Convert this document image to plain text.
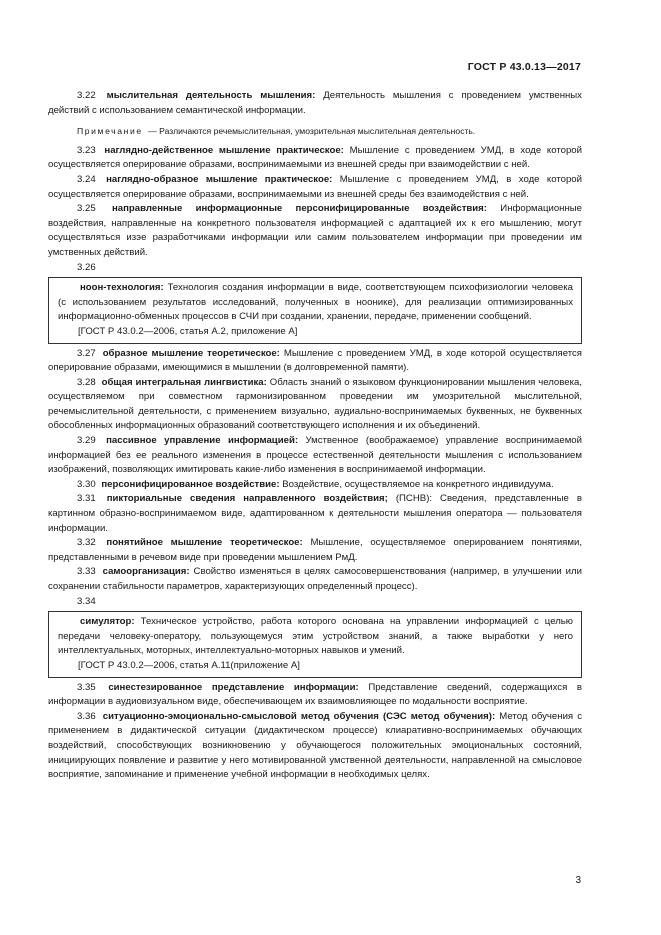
ГОСТ Р 43.0.13—2017

3.22 мыслительная деятельность мышления: Деятельность мышления с проведением умственных действий с использованием семантической информации.

Примечание — Различаются речемыслительная, умозрительная мыслительная деятельность.

3.23 наглядно-действенное мышление практическое: Мышление с проведением УМД, в ходе которой осуществляется оперирование образами, воспринимаемыми из внешней среды при взаимодействии с ней.

3.24 наглядно-образное мышление практическое: Мышление с проведением УМД, в ходе которой осуществляется оперирование образами, воспринимаемыми из внешней среды без взаимодействия с ней.

3.25 направленные информационные персонифицированные воздействия: Информационные воздействия, направленные на конкретного пользователя информацией с адаптацией их к его мышлению, могут осуществляться изэе разработчиками информации или самим пользователем информации при проведении им умственных действий.

3.26

ноон-технология: Технология создания информации в виде, соответствующем психофизиологии человека (с использованием результатов исследований, полученных в ноонике), для реализации оптимизированных информационно-обменных процессов в СЧИ при создании, хранении, передаче, применении сообщений.

[ГОСТ Р 43.0.2—2006, статья А.2, приложение А]

3.27 образное мышление теоретическое: Мышление с проведением УМД, в ходе которой осуществляется оперирование образами, имеющимися в мышлении (в долговременной памяти).

3.28 общая интегральная лингвистика: Область знаний о языковом функционировании мышления человека, осуществляемом при совместном гармонизированном проведении им умозрительной мыслительной, речемыслительной деятельности, с применением визуально, аудиально-воспринимаемых буквенных, не буквенных обособленных информационных образований соответствующего исполнения и их объединений.

3.29 пассивное управление информацией: Умственное (воображаемое) управление воспринимаемой информацией без ее реального изменения в процессе естественной деятельности мышления с использованием изображений, позволяющих имитировать какие-либо изменения в воспринимаемой информации.

3.30 персонифицированное воздействие: Воздействие, осуществляемое на конкретного индивидуума.

3.31 пикториальные сведения направленного воздействия; (ПСНВ): Сведения, представленные в картинном образно-воспринимаемом виде, адаптированном к деятельности мышления оператора — пользователя информации.

3.32 понятийное мышление теоретическое: Мышление, осуществляемое оперированием понятиями, представленными в речевом виде при проведении мышлением РмД.

3.33 самоорганизация: Свойство изменяться в целях самосовершенствования (например, в улучшении или сохранении стабильности параметров, характеризующих определенный процесс).

3.34

симулятор: Техническое устройство, работа которого основана на управлении информацией с целью передачи человеку-оператору, пользующемуся этим устройством знаний, а также выработки у него интеллектуальных, моторных, интеллектуально-моторных навыков и умений.

[ГОСТ Р 43.0.2—2006, статья А.11(приложение А]

3.35 синестезированное представление информации: Представление сведений, содержащихся в информации в аудиовизуальном виде, обеспечивающем их взаимовлияющее по модальности восприятие.

3.36 ситуационно-эмоционально-смысловой метод обучения (СЭС метод обучения): Метод обучения с применением в дидактической ситуации (дидактическом процессе) клиаративно-воспринимаемых обучающих воздействий, способствующих возникновению у обучающегося положительных эмоциональных состояний, инициирующих появление и развитие у него мотивированной умственной деятельности, направленной на смысловое восприятие, запоминание и применение учебной информации в необходимых целях.

3
